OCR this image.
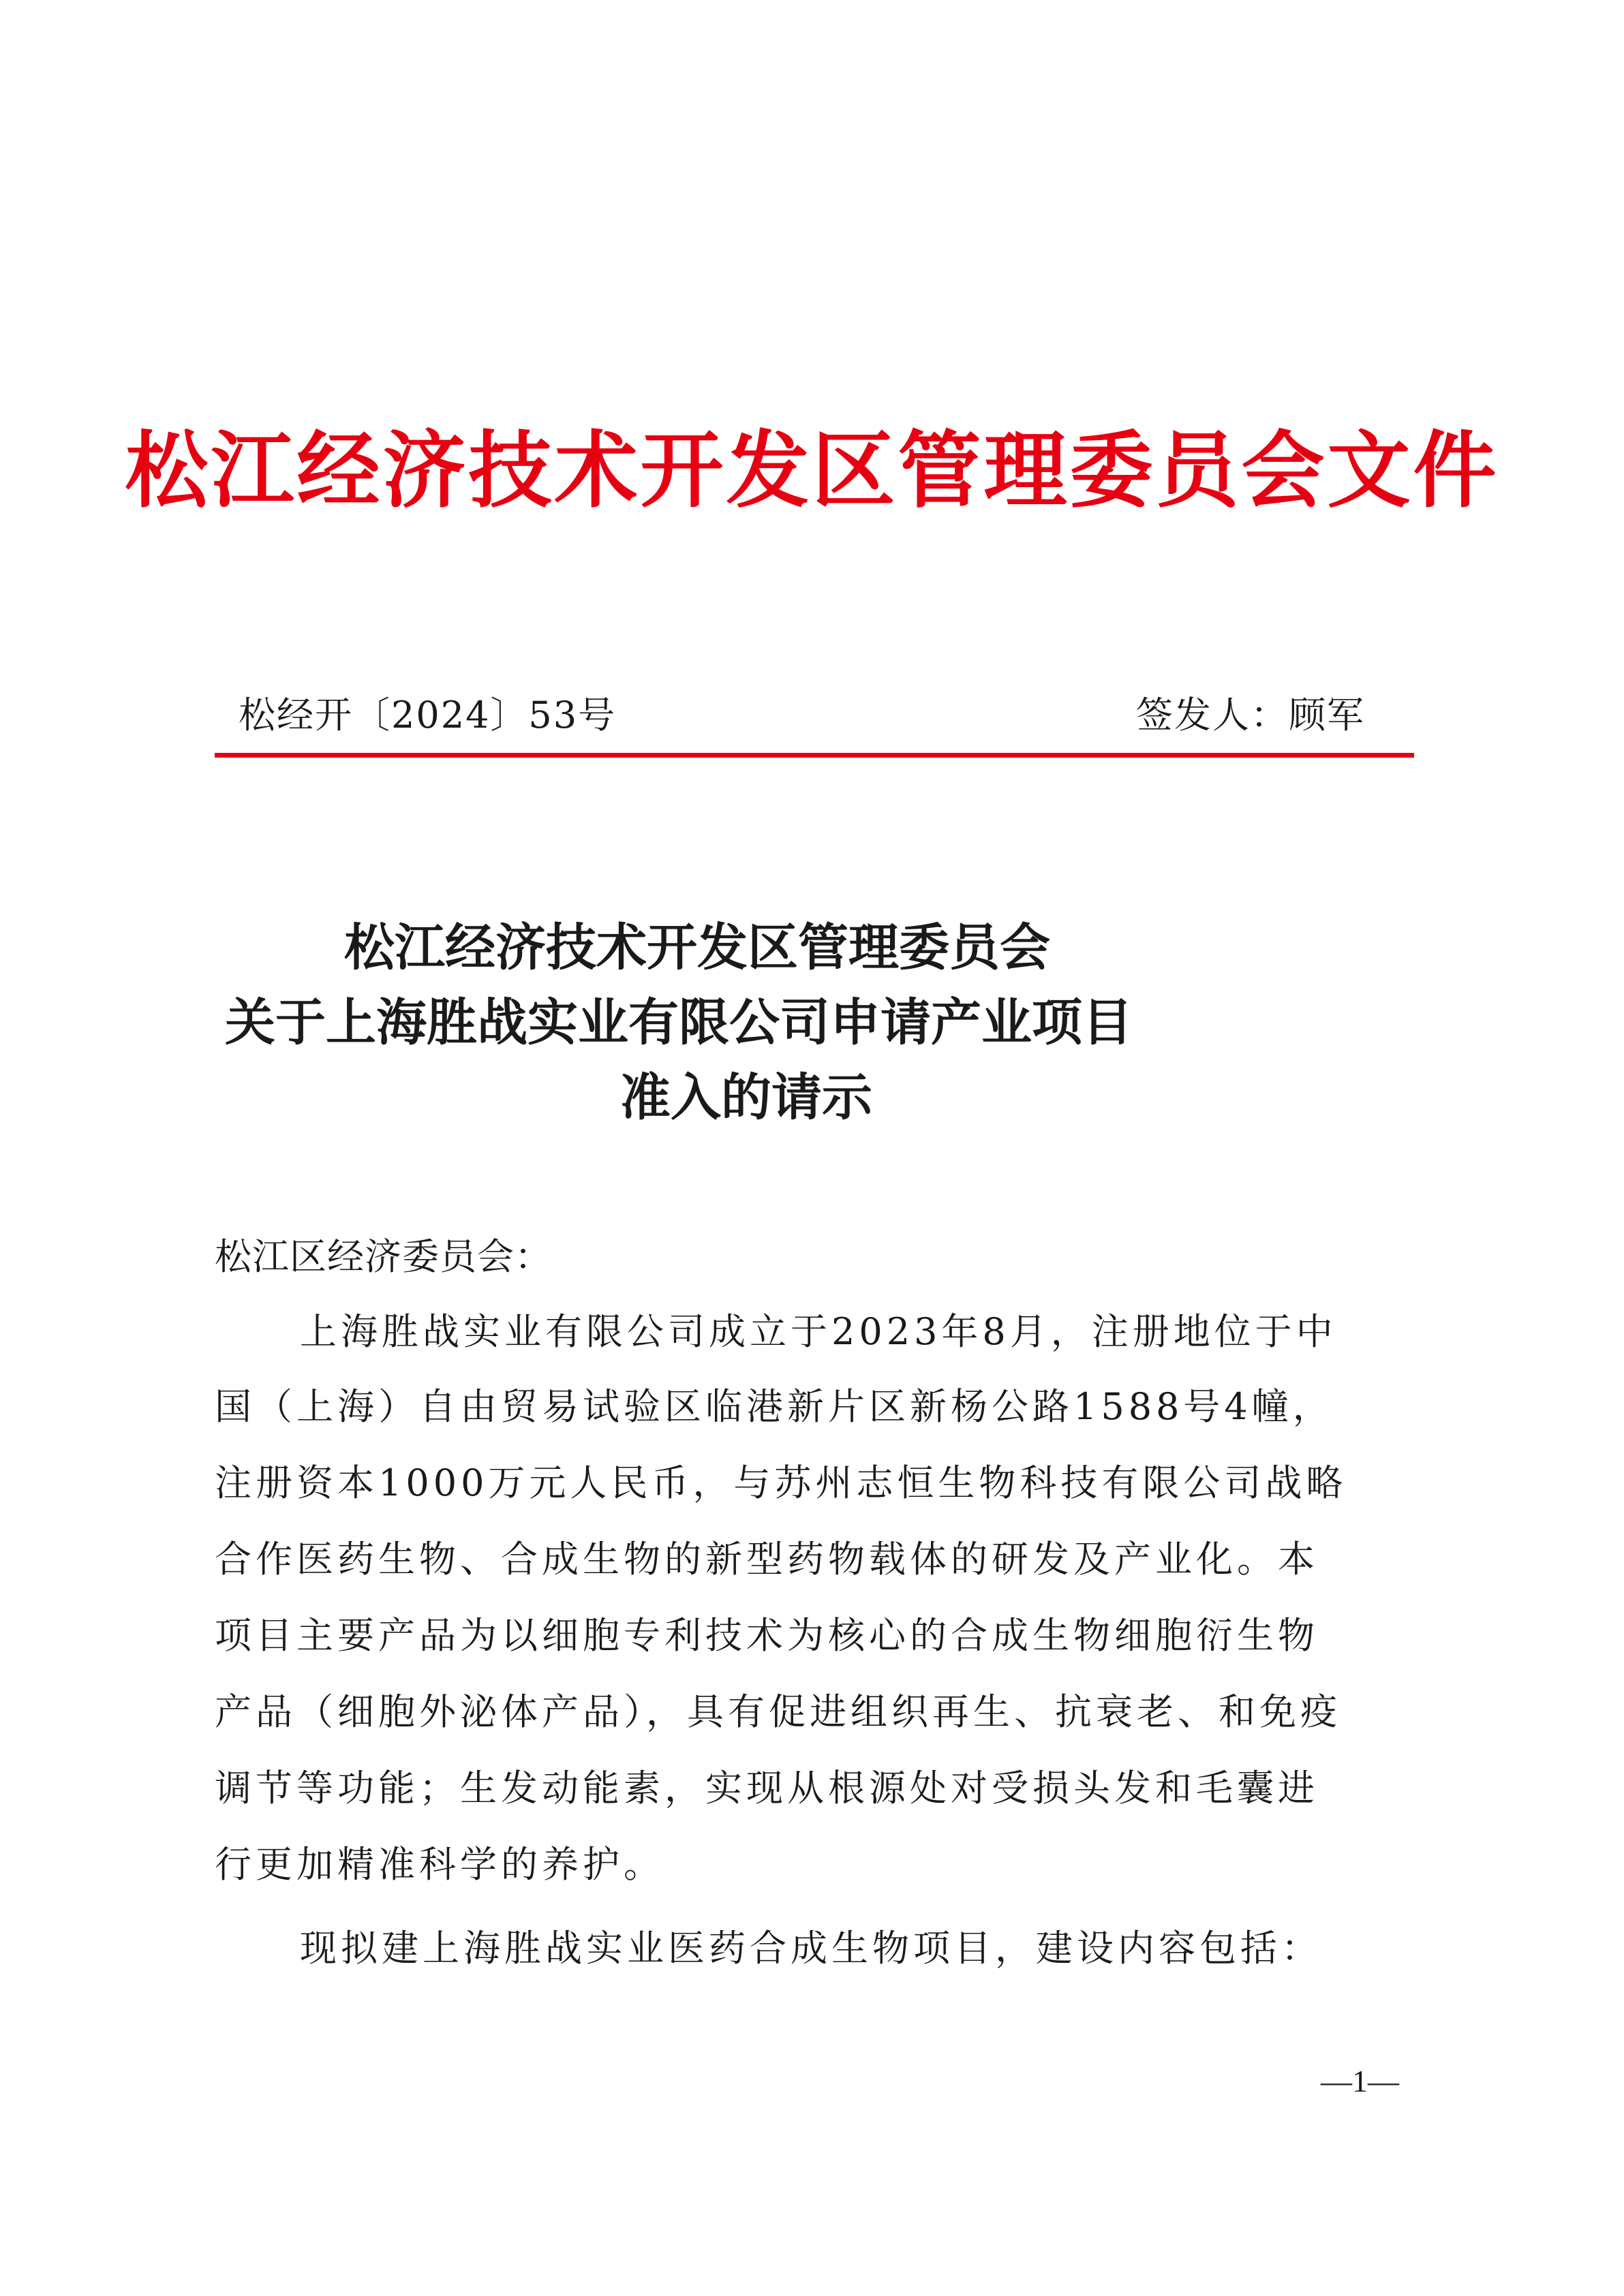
松江经济技术开发区管理委员会文件
松经开〔2024〕53号	签发人：顾军
松江经济技术开发区管理委员会
关于上海胜战实业有限公司申请产业项目
准入的请示
松江区经济委员会：
上海胜战实业有限公司成立于2023年8月，注册地位于中
国（上海）自由贸易试验区临港新片区新杨公路1588号4幢，
注册资本1000万元人民币，与苏州志恒生物科技有限公司战略
合作医药生物、合成生物的新型药物载体的研发及产业化。本
项目主要产品为以细胞专利技术为核心的合成生物细胞衍生物
产品（细胞外泌体产品），具有促进组织再生、抗衰老、和免疫
调节等功能；生发动能素，实现从根源处对受损头发和毛囊进
行更加精准科学的养护。
现拟建上海胜战实业医药合成生物项目，建设内容包括：
—1—
